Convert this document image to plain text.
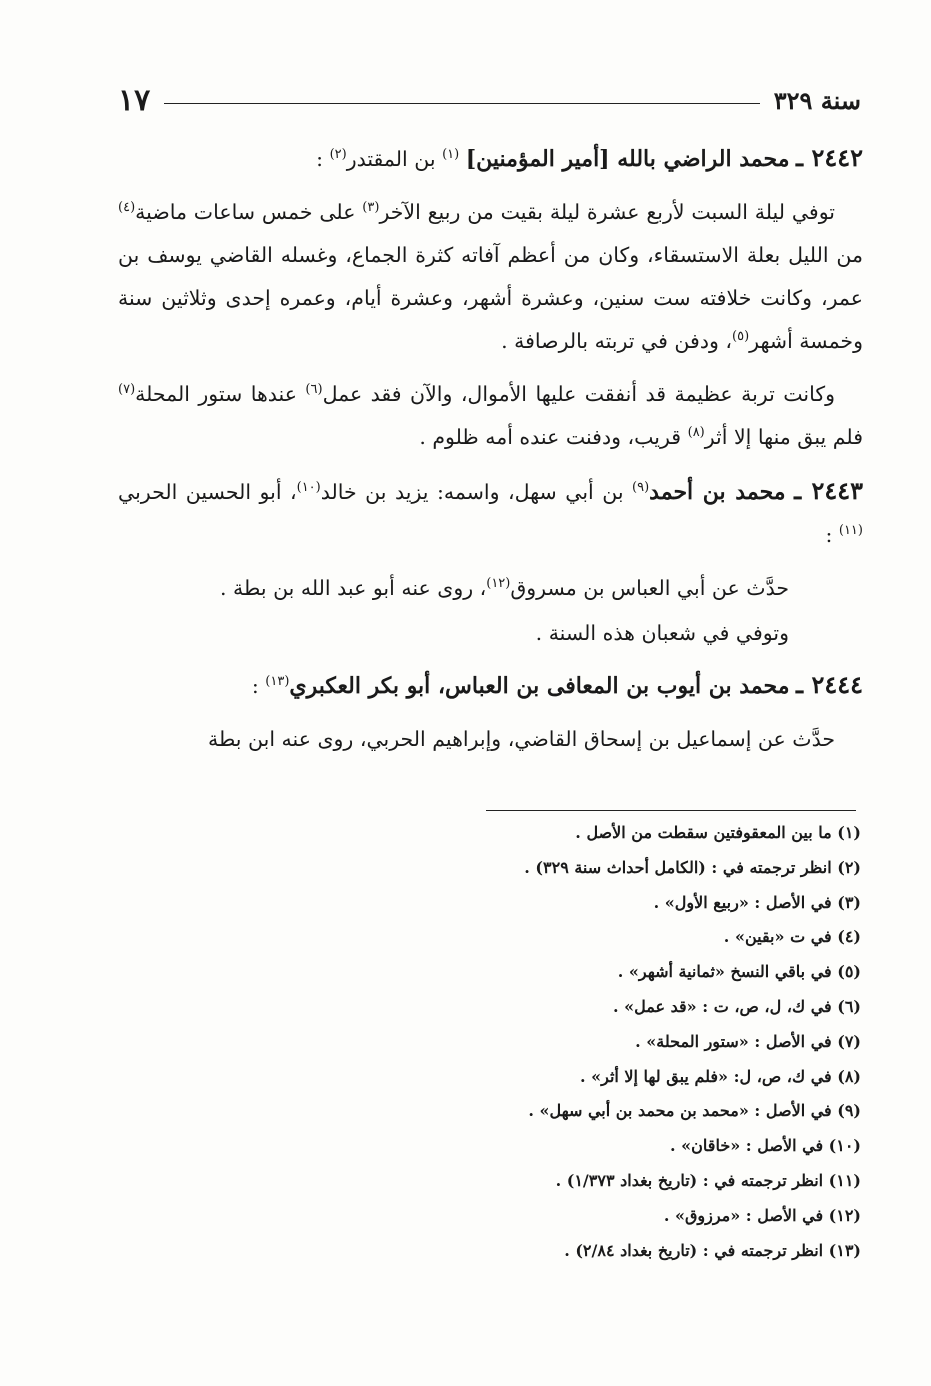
سنة ٣٢٩
١٧
٢٤٤٢ ـ محمد الراضي بالله [أمير المؤمنين] $^{(١)}$ بن المقتدر$^{(٢)}$ :

توفي ليلة السبت لأربع عشرة ليلة بقيت من ربيع الآخر$^{(٣)}$ على خمس ساعات ماضية$^{(٤)}$ من الليل بعلة الاستسقاء، وكان من أعظم آفاته كثرة الجماع، وغسله القاضي يوسف بن عمر، وكانت خلافته ست سنين، وعشرة أشهر، وعشرة أيام، وعمره إحدى وثلاثين سنة وخمسة أشهر$^{(٥)}$، ودفن في تربته بالرصافة .

وكانت تربة عظيمة قد أنفقت عليها الأموال، والآن فقد عمل$^{(٦)}$ عندها ستور المحلة$^{(٧)}$ فلم يبق منها إلا أثر$^{(٨)}$ قريب، ودفنت عنده أمه ظلوم .

٢٤٤٣ ـ محمد بن أحمد$^{(٩)}$ بن أبي سهل، واسمه: يزيد بن خالد$^{(١٠)}$، أبو الحسين الحربي $^{(١١)}$ :

حدَّث عن أبي العباس بن مسروق$^{(١٢)}$، روى عنه أبو عبد الله بن بطة .

وتوفي في شعبان هذه السنة .

٢٤٤٤ ـ محمد بن أيوب بن المعافى بن العباس، أبو بكر العكبري$^{(١٣)}$ :

حدَّث عن إسماعيل بن إسحاق القاضي، وإبراهيم الحربي، روى عنه ابن بطة

(١) ما بين المعقوفتين سقطت من الأصل .
(٢) انظر ترجمته في : (الكامل أحداث سنة ٣٢٩) .
(٣) في الأصل : «ربيع الأول» .
(٤) في ت «بقين» .
(٥) في باقي النسخ «ثمانية أشهر» .
(٦) في ك، ل، ص، ت : «قد عمل» .
(٧) في الأصل : «ستور المحلة» .
(٨) في ك، ص، ل: «فلم يبق لها إلا أثر» .
(٩) في الأصل : «محمد بن محمد بن أبي سهل» .
(١٠) في الأصل : «خاقان» .
(١١) انظر ترجمته في : (تاريخ بغداد ١/٣٧٣) .
(١٢) في الأصل : «مرزوق» .
(١٣) انظر ترجمته في : (تاريخ بغداد ٢/٨٤) .
